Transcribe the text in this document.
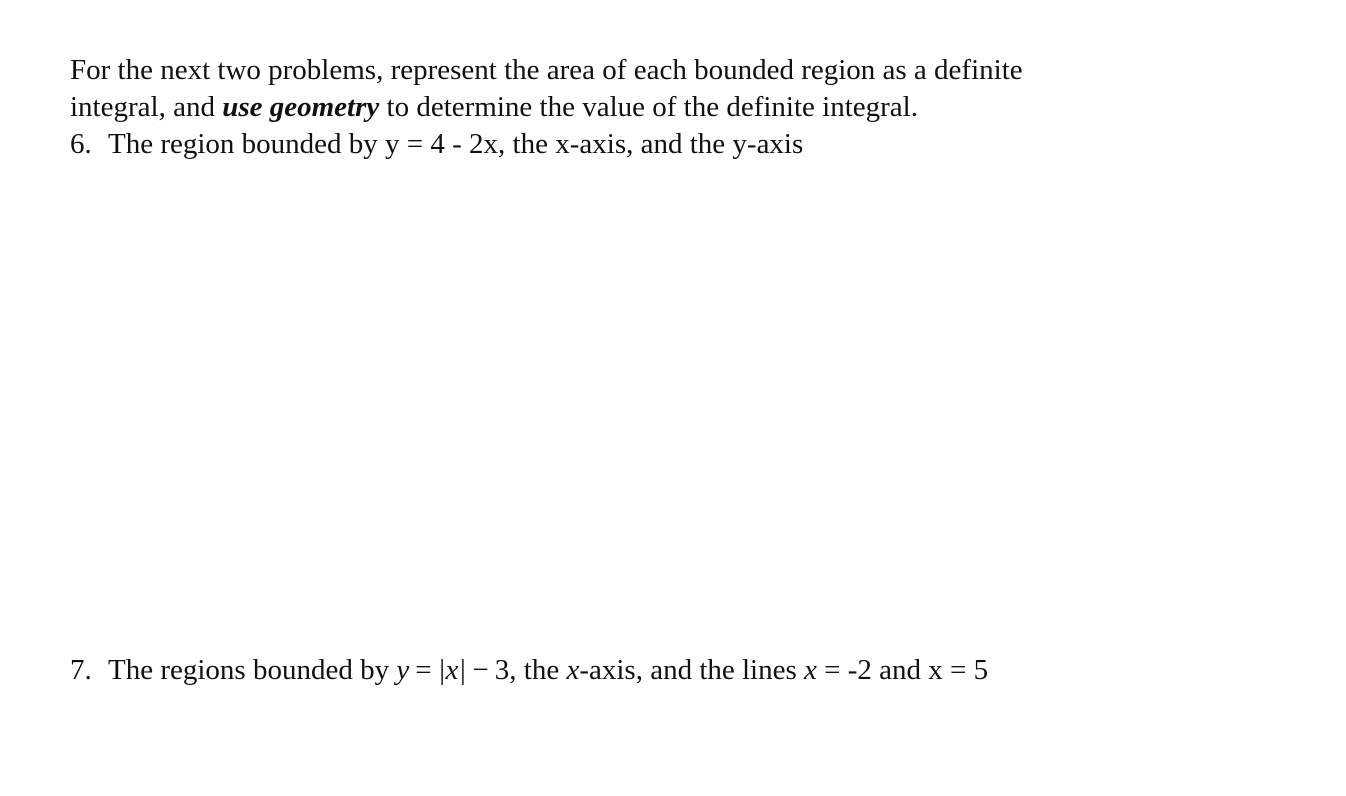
For the next two problems, represent the area of each bounded region as a definite
integral, and use geometry to determine the value of the definite integral.
6. The region bounded by y = 4 - 2x, the x-axis, and the y-axis
7. The regions bounded by y = |x| − 3, the x-axis, and the lines x = -2 and x = 5
